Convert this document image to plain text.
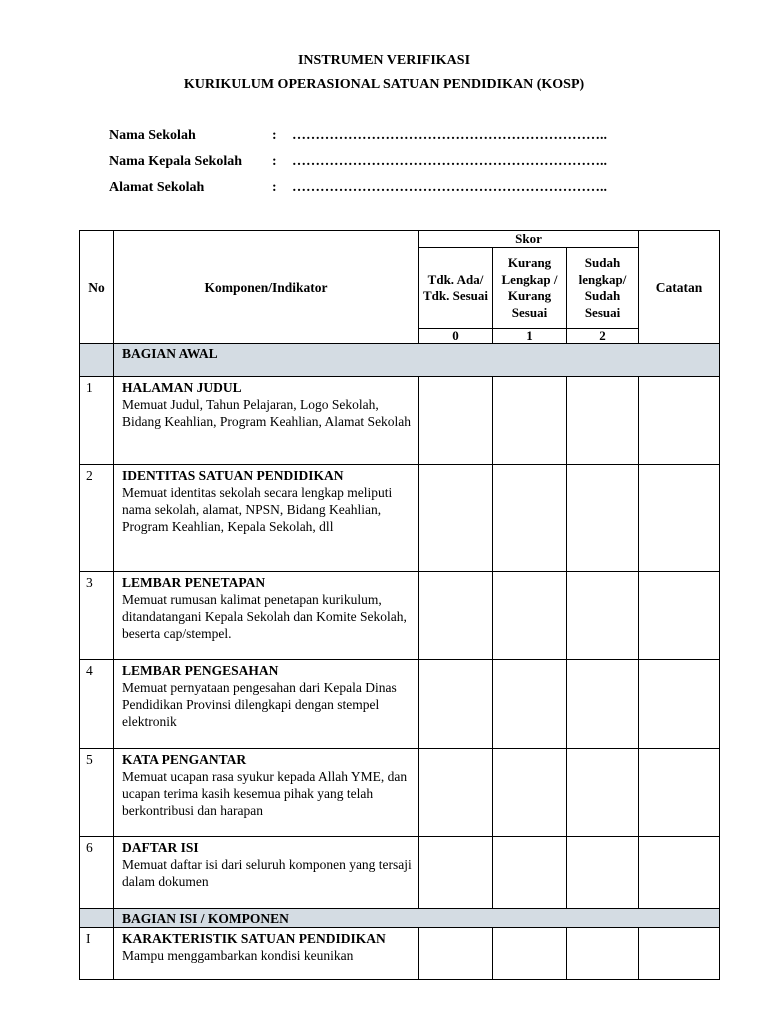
INSTRUMEN VERIFIKASI
KURIKULUM OPERASIONAL SATUAN PENDIDIKAN (KOSP)
Nama Sekolah	: …………………………………………………………..
Nama Kepala Sekolah	: …………………………………………………………..
Alamat Sekolah	: …………………………………………………………..
No	Komponen/Indikator	Skor			Catatan
		Tdk. Ada/ Tdk. Sesuai	Kurang Lengkap / Kurang Sesuai	Sudah lengkap/ Sudah Sesuai	
		0	1	2	
	BAGIAN AWAL				
1	HALAMAN JUDUL
Memuat Judul, Tahun Pelajaran, Logo Sekolah, Bidang Keahlian, Program Keahlian, Alamat Sekolah				

2	IDENTITAS SATUAN PENDIDIKAN
Memuat identitas sekolah secara lengkap meliputi nama sekolah, alamat, NPSN, Bidang Keahlian, Program Keahlian, Kepala Sekolah, dll				

3	LEMBAR PENETAPAN
Memuat rumusan kalimat penetapan kurikulum, ditandatangani Kepala Sekolah dan Komite Sekolah, beserta cap/stempel.				

4	LEMBAR PENGESAHAN
Memuat pernyataan pengesahan dari Kepala Dinas Pendidikan Provinsi dilengkapi dengan stempel elektronik				

5	KATA PENGANTAR
Memuat ucapan rasa syukur kepada Allah YME, dan ucapan terima kasih kesemua pihak yang telah berkontribusi dan harapan				

6	DAFTAR ISI
Memuat daftar isi dari seluruh komponen yang tersaji dalam dokumen				

	BAGIAN ISI / KOMPONEN				
I	KARAKTERISTIK SATUAN PENDIDIKAN
Mampu menggambarkan kondisi keunikan				
